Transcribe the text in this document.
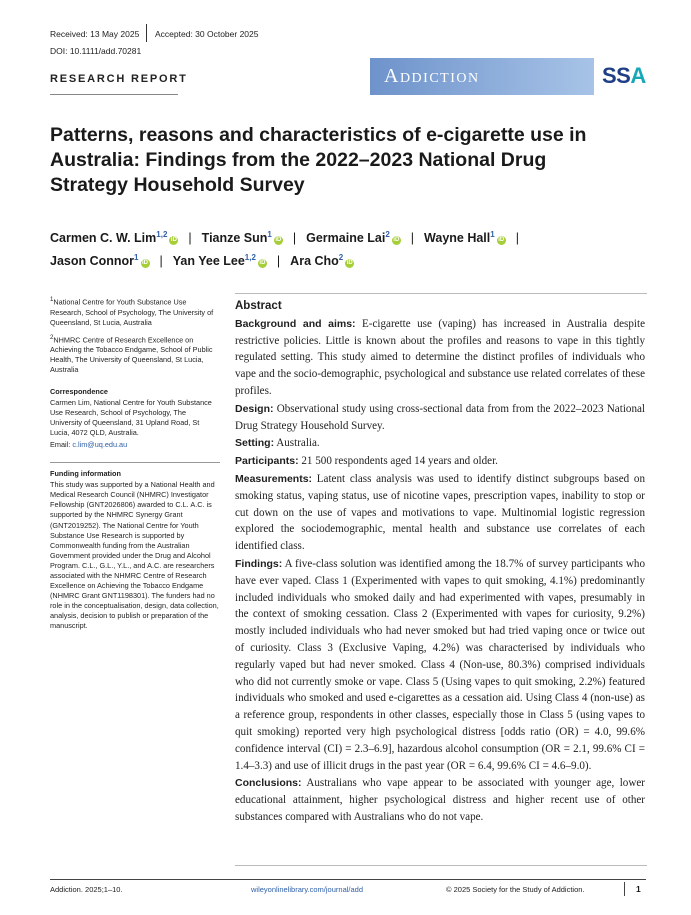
Received: 13 May 2025 Accepted: 30 October 2025
DOI: 10.1111/add.70281
RESEARCH REPORT	Addiction	SSA
Patterns, reasons and characteristics of e-cigarette use in Australia: Findings from the 2022–2023 National Drug Strategy Household Survey
Carmen C. W. Lim$^{1,2}$iD | Tianze Sun$^1$iD | Germaine Lai$^2$iD | Wayne Hall$^1$iD |
Jason Connor$^1$iD | Yan Yee Lee$^{1,2}$iD | Ara Cho$^2$iD

$^1$National Centre for Youth Substance Use Research, School of Psychology, The University of Queensland, St Lucia, Australia

$^2$NHMRC Centre of Research Excellence on Achieving the Tobacco Endgame, School of Public Health, The University of Queensland, St Lucia, Australia

Correspondence

Carmen Lim, National Centre for Youth Substance Use Research, School of Psychology, The University of Queensland, 31 Upland Road, St Lucia, 4072 QLD, Australia.

Email: c.lim@uq.edu.au

Funding information

This study was supported by a National Health and Medical Research Council (NHMRC) Investigator Fellowship (GNT2026806) awarded to C.L. A.C. is supported by the NHMRC Synergy Grant (GNT2019252). The National Centre for Youth Substance Use Research is supported by Commonwealth funding from the Australian Government provided under the Drug and Alcohol Program. C.L., G.L., Y.L., and A.C. are researchers associated with the NHMRC Centre of Research Excellence on Achieving the Tobacco Endgame (NHMRC Grant GNT1198301). The funders had no role in the conceptualisation, design, data collection, analysis, decision to publish or preparation of the manuscript.

Abstract

Background and aims: E-cigarette use (vaping) has increased in Australia despite restrictive policies. Little is known about the profiles and reasons to vape in this tightly regulated setting. This study aimed to determine the distinct profiles of individuals who vape and the socio-demographic, psychological and substance use related correlates of these profiles.

Design: Observational study using cross-sectional data from from the 2022–2023 National Drug Strategy Household Survey.

Setting: Australia.

Participants: 21 500 respondents aged 14 years and older.

Measurements: Latent class analysis was used to identify distinct subgroups based on smoking status, vaping status, use of nicotine vapes, prescription vapes, inability to stop or cut down on the use of vapes and motivations to vape. Multinomial logistic regression explored the sociodemographic, mental health and substance use correlates of each identified class.

Findings: A five-class solution was identified among the 18.7% of survey participants who have ever vaped. Class 1 (Experimented with vapes to quit smoking, 4.1%) predominantly included individuals who smoked daily and had experimented with vapes, presumably in the context of smoking cessation. Class 2 (Experimented with vapes for curiosity, 9.2%) mostly included individuals who had never smoked but had tried vaping once or twice out of curiosity. Class 3 (Exclusive Vaping, 4.2%) was characterised by individuals who regularly vaped but had never smoked. Class 4 (Non-use, 80.3%) comprised individuals who did not currently smoke or vape. Class 5 (Using vapes to quit smoking, 2.2%) featured individuals who smoked and used e-cigarettes as a cessation aid. Using Class 4 (non-use) as a reference group, respondents in other classes, especially those in Class 5 (using vapes to quit smoking) reported very high psychological distress [odds ratio (OR) = 4.0, 99.6% confidence interval (CI) = 2.3–6.9], hazardous alcohol consumption (OR = 2.1, 99.6% CI = 1.4–3.3) and use of illicit drugs in the past year (OR = 6.4, 99.6% CI = 4.6–9.0).

Conclusions: Australians who vape appear to be associated with younger age, lower educational attainment, higher psychological distress and higher recent use of other substances compared with Australians who do not vape.

Addiction. 2025;1–10.	wileyonlinelibrary.com/journal/add	© 2025 Society for the Study of Addiction.	1
